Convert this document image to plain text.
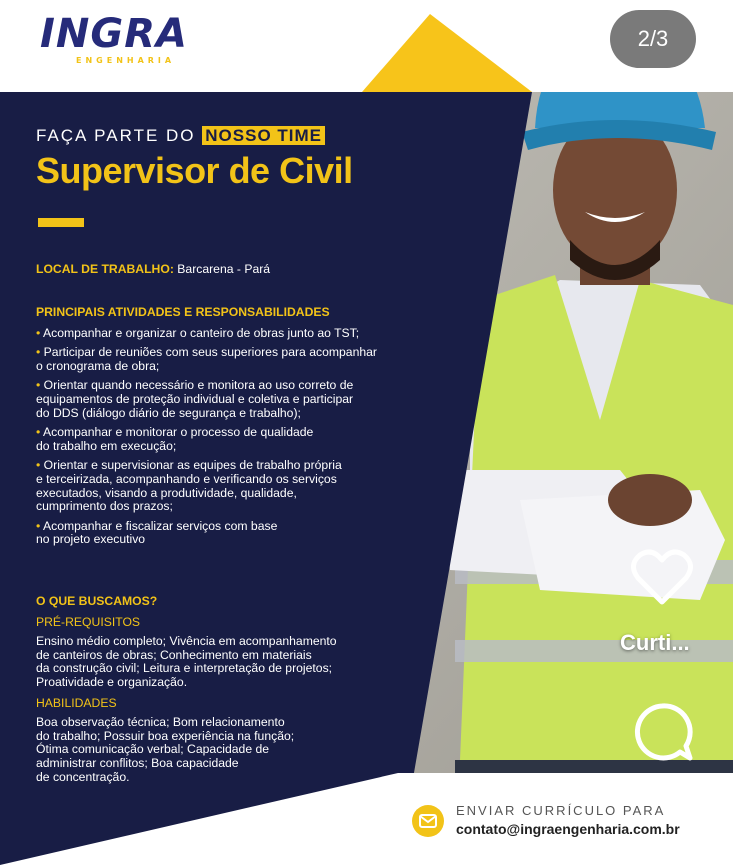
INGRA
ENGENHARIA
2/3
FAÇA PARTE DO NOSSO TIME
Supervisor de Civil
LOCAL DE TRABALHO: Barcarena - Pará
PRINCIPAIS ATIVIDADES E RESPONSABILIDADES
• Acompanhar e organizar o canteiro de obras junto ao TST;
• Participar de reuniões com seus superiores para acompanhar
o cronograma de obra;
• Orientar quando necessário e monitora ao uso correto de
equipamentos de proteção individual e coletiva e participar
do DDS (diálogo diário de segurança e trabalho);
• Acompanhar e monitorar o processo de qualidade
do trabalho em execução;
• Orientar e supervisionar as equipes de trabalho própria
e terceirizada, acompanhando e verificando os serviços
executados, visando a produtividade, qualidade,
cumprimento dos prazos;
• Acompanhar e fiscalizar serviços com base
no projeto executivo
O QUE BUSCAMOS?
PRÉ-REQUISITOS
Ensino médio completo; Vivência em acompanhamento
de canteiros de obras; Conhecimento em materiais
da construção civil; Leitura e interpretação de projetos;
Proatividade e organização.
HABILIDADES
Boa observação técnica; Bom relacionamento
do trabalho; Possuir boa experiência na função;
Ótima comunicação verbal; Capacidade de
administrar conflitos; Boa capacidade
de concentração.
Curti...
ENVIAR CURRÍCULO PARA
contato@ingraengenharia.com.br
